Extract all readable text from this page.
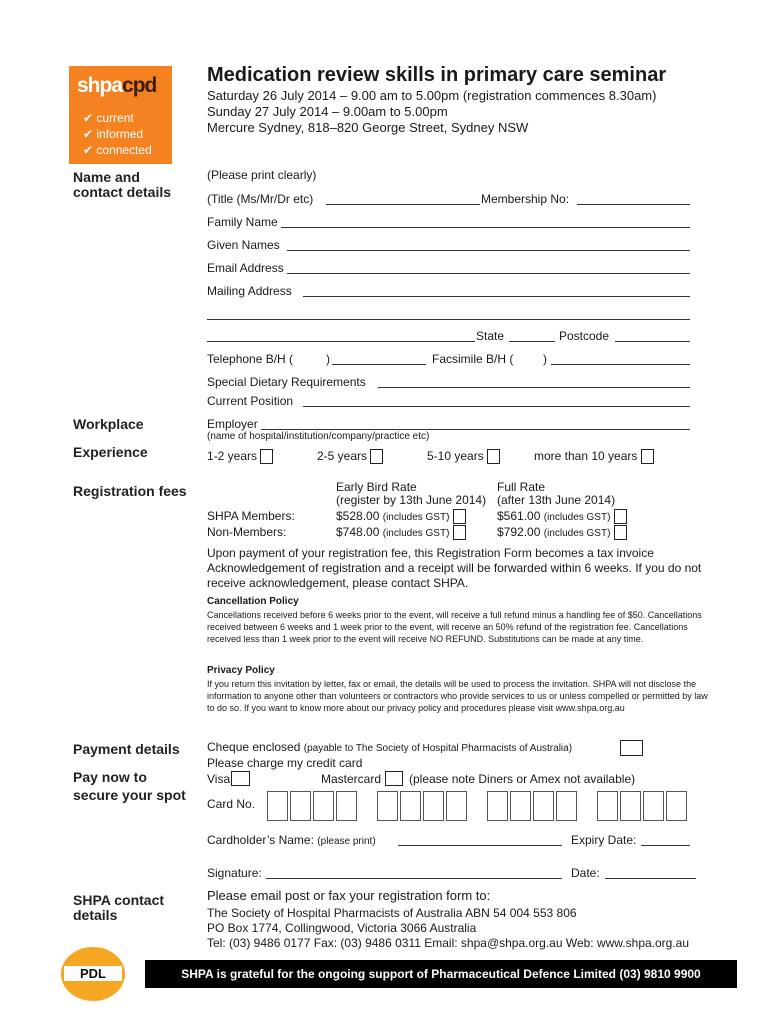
shpacpd
✔ current
✔ informed
✔ connected
Medication review skills in primary care seminar
Saturday 26 July 2014 – 9.00 am to 5.00pm (registration commences 8.30am)
Sunday 27 July 2014 – 9.00am to 5.00pm
Mercure Sydney, 818–820 George Street, Sydney NSW
Name and
contact details
Workplace
Experience
Registration fees
Payment details
Pay now to
secure your spot
SHPA contact
details
(Please print clearly)
(Title (Ms/Mr/Dr etc)	Membership No:
Family Name
Given Names
Email Address
Mailing Address
State	Postcode
Telephone B/H (	)	Facsimile B/H ( )
Special Dietary Requirements
Current Position
Employer
(name of hospital/institution/company/practice etc)
1-2 years	2-5 years	5-10 years	more than 10 years
Early Bird Rate
(register by 13th June 2014)
Full Rate
(after 13th June 2014)
SHPA Members:	$528.00 (includes GST)	$561.00 (includes GST)
Non-Members:	$748.00 (includes GST)	$792.00 (includes GST)
Upon payment of your registration fee, this Registration Form becomes a tax invoice Acknowledgement of registration and a receipt will be forwarded within 6 weeks. If you do not receive acknowledgement, please contact SHPA.
Cancellation Policy
Cancellations received before 6 weeks prior to the event, will receive a full refund minus a handling fee of $50. Cancellations received between 6 weeks and 1 week prior to the event, will receive an 50% refund of the registration fee. Cancellations received less than 1 week prior to the event will receive NO REFUND. Substitutions can be made at any time.
Privacy Policy
If you return this invitation by letter, fax or email, the details will be used to process the invitation. SHPA will not disclose the information to anyone other than volunteers or contractors who provide services to us or unless compelled or permitted by law to do so. If you want to know more about our privacy policy and procedures please visit www.shpa.org.au
Cheque enclosed (payable to The Society of Hospital Pharmacists of Australia)
Please charge my credit card
Visa	Mastercard (please note Diners or Amex not available)
Card No.
Cardholder’s Name: (please print)	Expiry Date:
Signature:	Date:
Please email post or fax your registration form to:
The Society of Hospital Pharmacists of Australia ABN 54 004 553 806
PO Box 1774, Collingwood, Victoria 3066 Australia
Tel: (03) 9486 0177 Fax: (03) 9486 0311 Email: shpa@shpa.org.au Web: www.shpa.org.au
PDL	SHPA is grateful for the ongoing support of Pharmaceutical Defence Limited (03) 9810 9900
